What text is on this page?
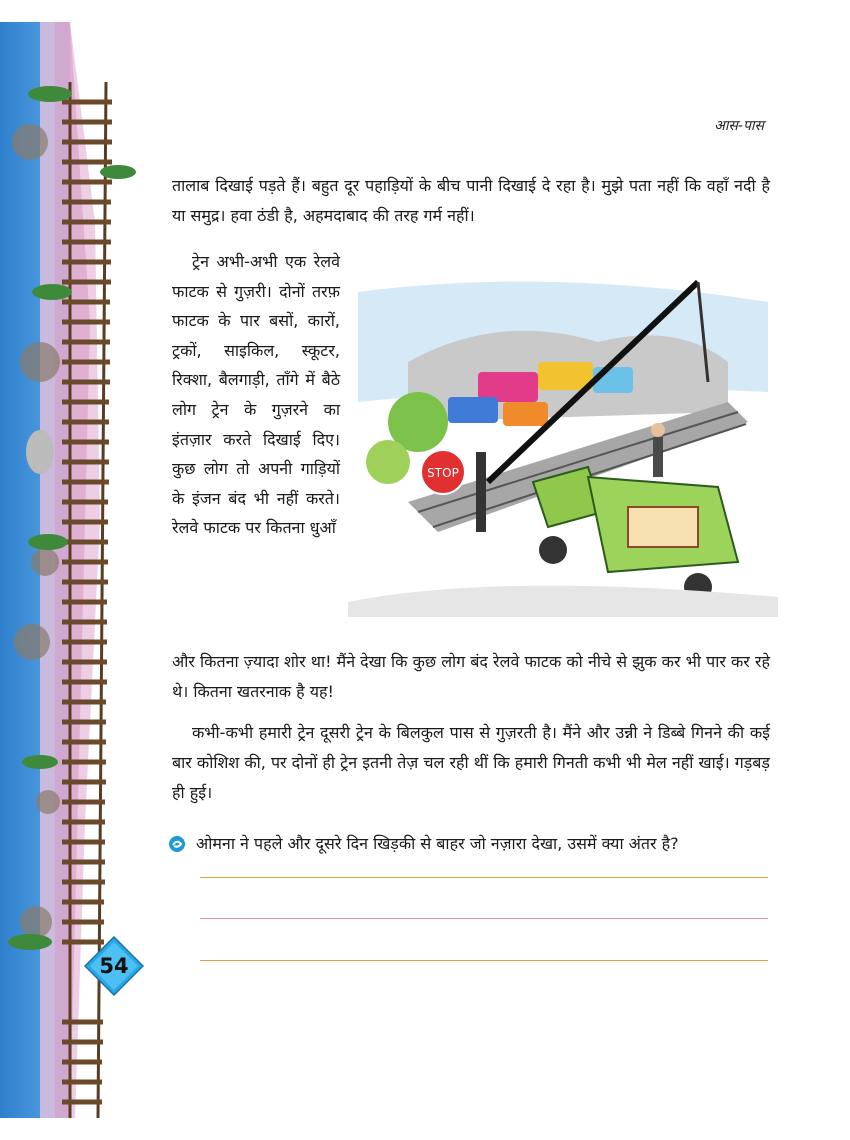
आस-पास

तालाब दिखाई पड़ते हैं। बहुत दूर पहाड़ियों के बीच पानी दिखाई दे रहा है। मुझे पता नहीं कि वहाँ नदी है या समुद्र। हवा ठंडी है, अहमदाबाद की तरह गर्म नहीं।

ट्रेन अभी-अभी एक रेलवे फाटक से गुज़री। दोनों तरफ़ फाटक के पार बसों, कारों, ट्रकों, साइकिल, स्कूटर, रिक्शा, बैलगाड़ी, ताँगे में बैठे लोग ट्रेन के गुज़रने का इंतज़ार करते दिखाई दिए। कुछ लोग तो अपनी गाड़ियों के इंजन बंद भी नहीं करते। रेलवे फाटक पर कितना धुआँ

STOP

और कितना ज़्यादा शोर था! मैंने देखा कि कुछ लोग बंद रेलवे फाटक को नीचे से झुक कर भी पार कर रहे थे। कितना खतरनाक है यह!

कभी-कभी हमारी ट्रेन दूसरी ट्रेन के बिलकुल पास से गुज़रती है। मैंने और उन्नी ने डिब्बे गिनने की कई बार कोशिश की, पर दोनों ही ट्रेन इतनी तेज़ चल रही थीं कि हमारी गिनती कभी भी मेल नहीं खाई। गड़बड़ ही हुई।

ओमना ने पहले और दूसरे दिन खिड़की से बाहर जो नज़ारा देखा, उसमें क्या अंतर है?
54
